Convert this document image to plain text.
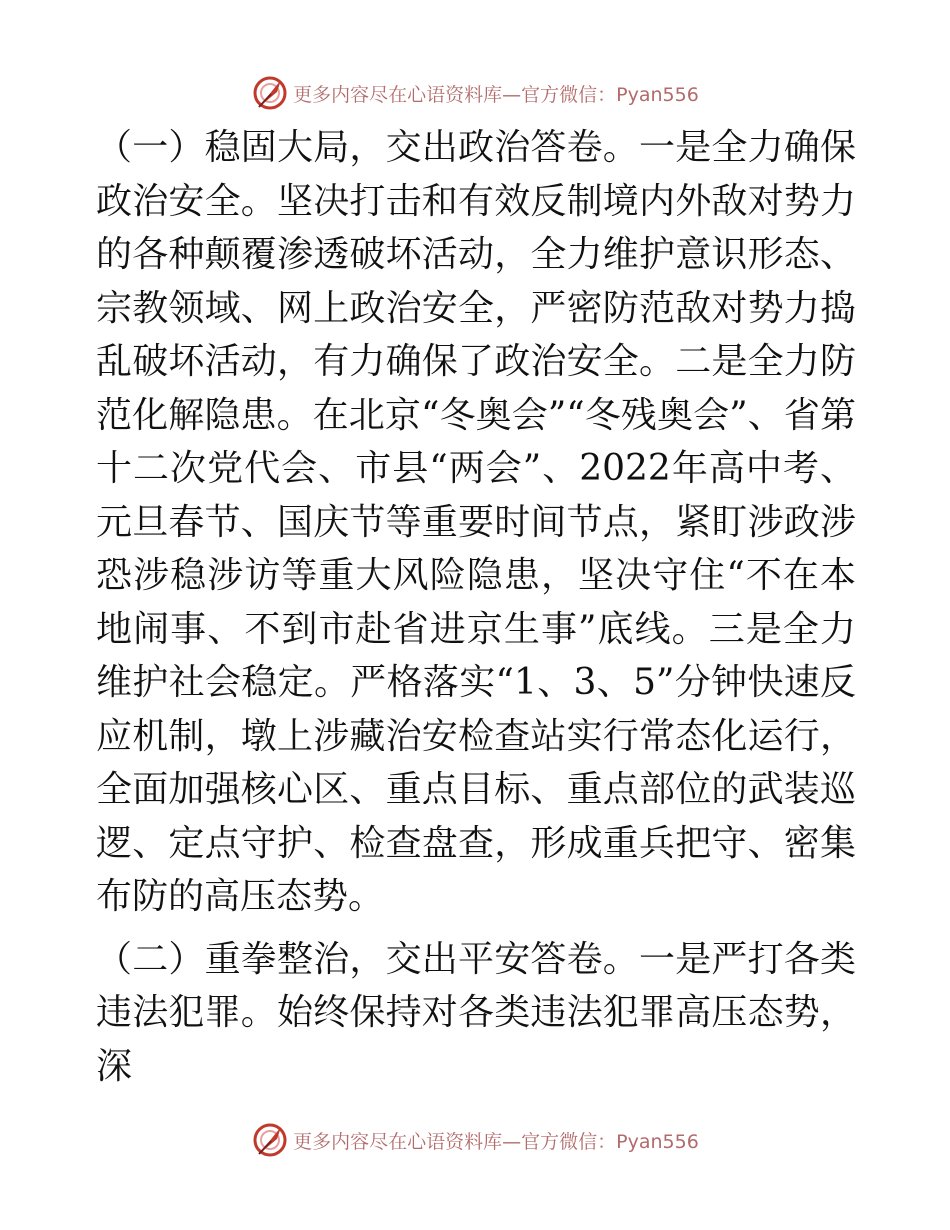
更多内容尽在心语资料库—官方微信：Pyan556

（一）稳固大局，交出政治答卷。一是全力确保政治安全。坚决打击和有效反制境内外敌对势力的各种颠覆渗透破坏活动，全力维护意识形态、宗教领域、网上政治安全，严密防范敌对势力捣乱破坏活动，有力确保了政治安全。二是全力防范化解隐患。在北京“冬奥会”“冬残奥会”、省第十二次党代会、市县“两会”、2022年高中考、元旦春节、国庆节等重要时间节点，紧盯涉政涉恐涉稳涉访等重大风险隐患，坚决守住“不在本地闹事、不到市赴省进京生事”底线。三是全力维护社会稳定。严格落实“1、3、5”分钟快速反应机制，墩上涉藏治安检查站实行常态化运行，全面加强核心区、重点目标、重点部位的武装巡逻、定点守护、检查盘查，形成重兵把守、密集布防的高压态势。

（二）重拳整治，交出平安答卷。一是严打各类违法犯罪。始终保持对各类违法犯罪高压态势，深

更多内容尽在心语资料库—官方微信：Pyan556
